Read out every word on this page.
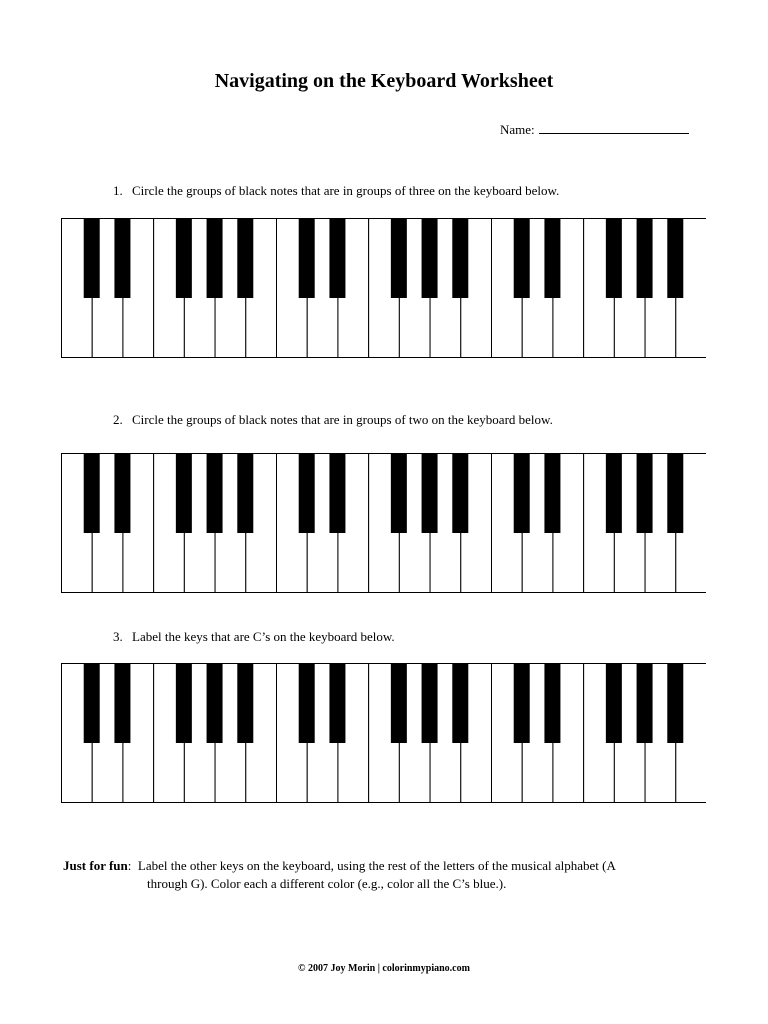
Navigating on the Keyboard Worksheet
Name:
1. Circle the groups of black notes that are in groups of three on the keyboard below.
2. Circle the groups of black notes that are in groups of two on the keyboard below.
3. Label the keys that are C’s on the keyboard below.
Just for fun:  Label the other keys on the keyboard, using the rest of the letters of the musical alphabet (A
through G). Color each a different color (e.g., color all the C’s blue.).
© 2007 Joy Morin | colorinmypiano.com
